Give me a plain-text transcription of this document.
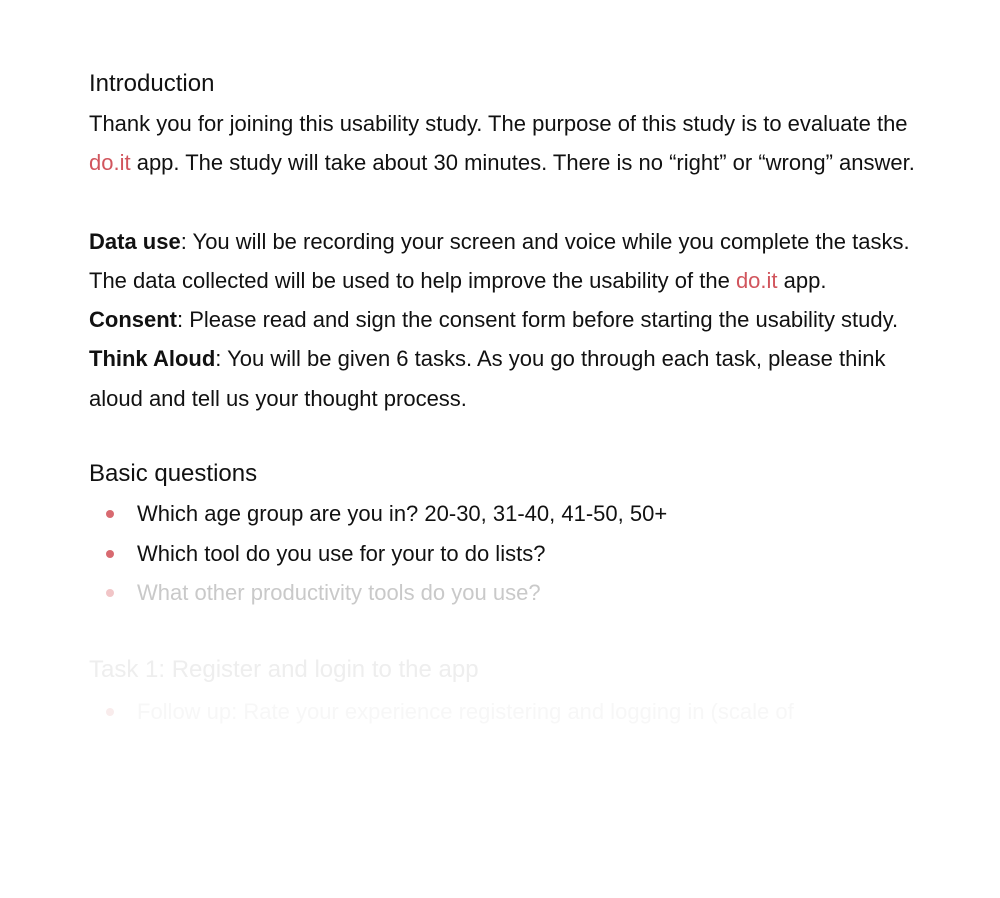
Introduction

Thank you for joining this usability study. The purpose of this study is to evaluate the do.it app. The study will take about 30 minutes. There is no “right” or “wrong” answer.

Data use: You will be recording your screen and voice while you complete the tasks. The data collected will be used to help improve the usability of the do.it app.

Consent: Please read and sign the consent form before starting the usability study.

Think Aloud: You will be given 6 tasks. As you go through each task, please think aloud and tell us your thought process.

Basic questions
Which age group are you in? 20-30, 31-40, 41-50, 50+
Which tool do you use for your to do lists?
What other productivity tools do you use?
Task 1: Register and login to the app
Follow up: Rate your experience registering and logging in (scale of
